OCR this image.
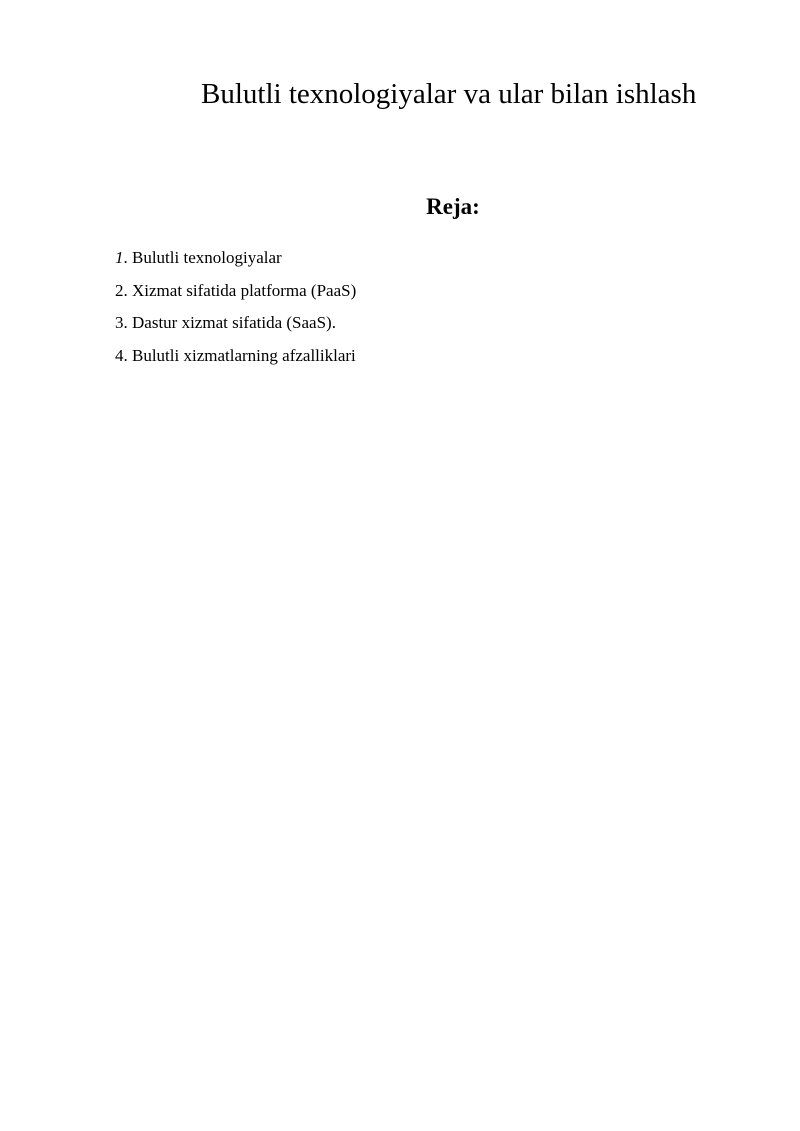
Bulutli texnologiyalar va ular bilan ishlash
Reja:
1. Bulutli texnologiyalar
2. Xizmat sifatida platforma (PaaS)
3. Dastur xizmat sifatida (SaaS).
4. Bulutli xizmatlarning afzalliklari
